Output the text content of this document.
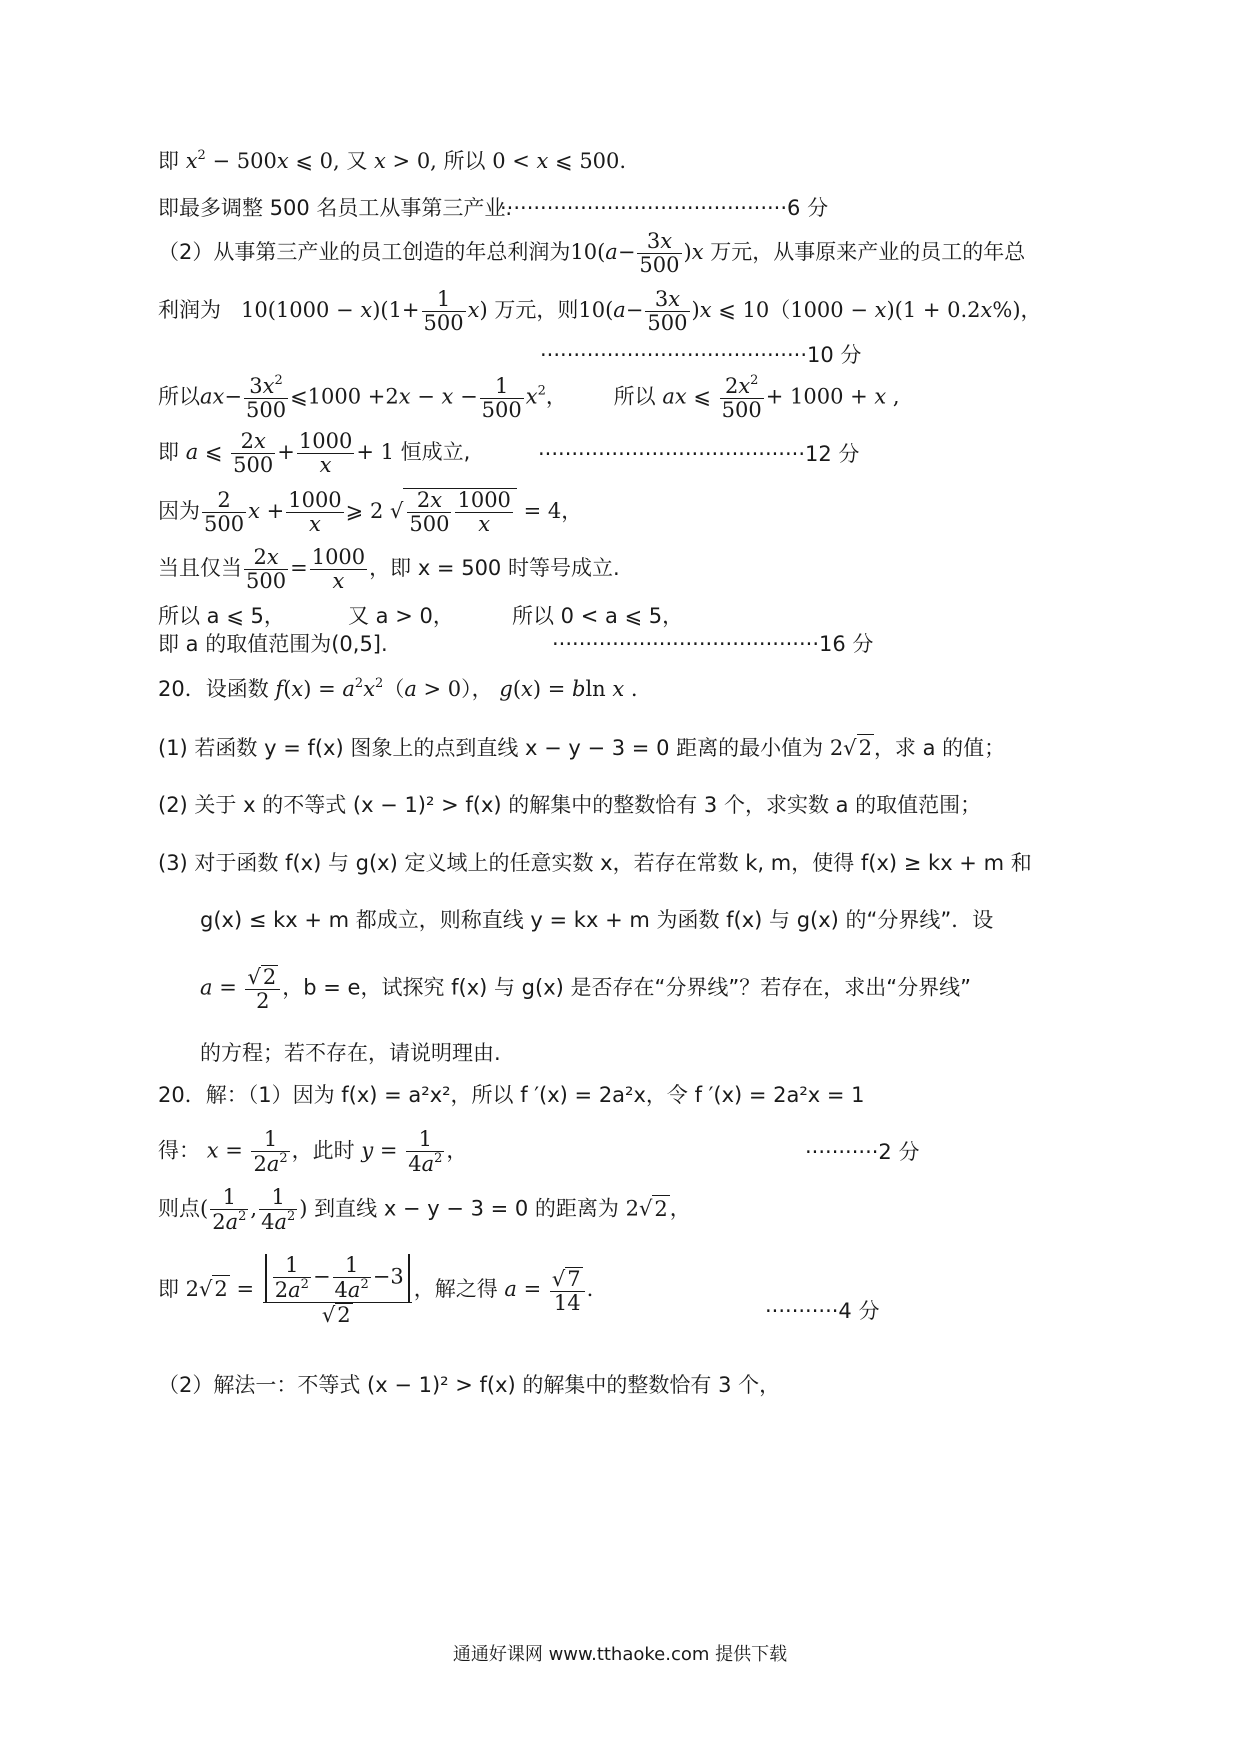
即 $x^2 - 500x$ ⩽ 0, 又 x > 0, 所以 0 < x ⩽ 500.
即最多调整 500 名员工从事第三产业.
···········································6 分
（2）从事第三产业的员工创造的年总利润为$10(a- \frac{3x}{500} )x$ 万元，从事原来产业的员工的年总
利润为   $10(1000 - x)(1+ \frac{1}{500} x)$ 万元，则$10(a- \frac{3x}{500} )x$ ⩽ 10（1000 − x)(1 + 0.2x%)，
········································10 分
所以$ax- \frac{3x^2}{500}$ ⩽1000 $+2x - x - \frac{1}{500} x^2$，       所以 ax ⩽ $\frac{2x^2}{500} + 1000 + x$ ,
即 a ⩽ $\frac{2x}{500} + \frac{1000}{x} + 1$ 恒成立,	········································12 分
因为 $\frac{2}{500}$ $x + \frac{1000}{x}$ ⩾ 2 √ $\frac{2x}{500} \frac{1000}{x} = 4$，
当且仅当 $\frac{2x}{500} = \frac{1000}{x}$ ，即 x = 500 时等号成立.
所以 a ⩽ 5，	又 a > 0，	所以 0 < a ⩽ 5，
即 a 的取值范围为(0,5].	········································16 分
20．设函数 $f(x) = a^2x^2(a > 0)$， g(x) = bln x .
(1) 若函数 y = f(x) 图象上的点到直线 x − y − 3 = 0 距离的最小值为 2√2，求 a 的值；
(2) 关于 x 的不等式 (x − 1)² > f(x) 的解集中的整数恰有 3 个，求实数 a 的取值范围；
(3) 对于函数 f(x) 与 g(x) 定义域上的任意实数 x，若存在常数 k, m，使得 f(x) ≥ kx + m 和
g(x) ≤ kx + m 都成立，则称直线 y = kx + m 为函数 f(x) 与 g(x) 的“分界线”．设
$a = \frac{√2}{2}$ ，b = e，试探究 f(x) 与 g(x) 是否存在“分界线”？若存在，求出“分界线”
的方程；若不存在，请说明理由.
20．解：（1）因为 f(x) = a²x²，所以 f ′(x) = 2a²x，令 f ′(x) = 2a²x = 1
得： $x = \frac{1}{2a^2}$ ，此时 $y = \frac{1}{4a^2}$ ，	···········2 分
则点( $\frac{1}{2a^2}$ , $\frac{1}{4a^2}$ ) 到直线 x − y − 3 = 0 的距离为 2√2，
即 $2√2 = \frac{\frac{1}{2a^2} - \frac{1}{4a^2} -3}{√2}$ ，解之得 $a = \frac{√7}{14}$ .
···········4 分
（2）解法一：不等式 (x − 1)² > f(x) 的解集中的整数恰有 3 个，
通通好课网 www.tthaoke.com 提供下载
